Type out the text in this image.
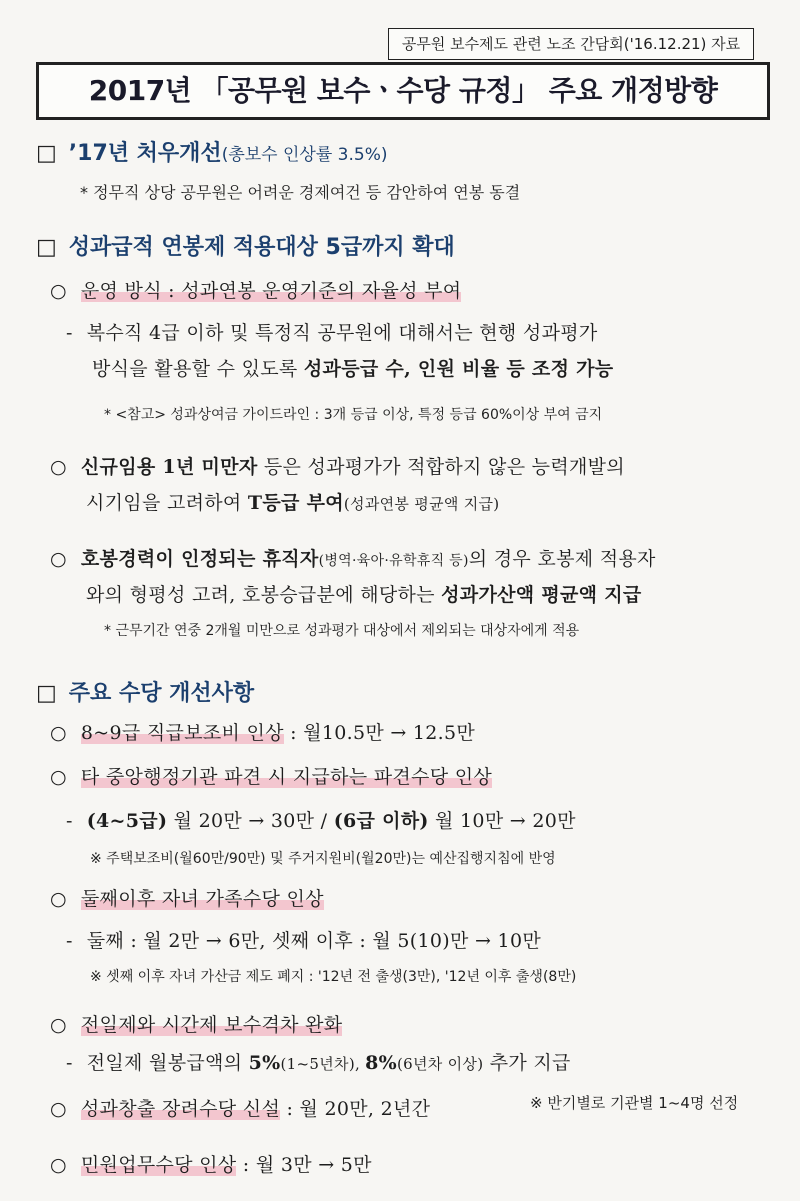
공무원 보수제도 관련 노조 간담회('16.12.21) 자료
2017년 「공무원 보수ㆍ수당 규정」 주요 개정방향
□ ’17년 처우개선(총보수 인상률 3.5%)
* 정무직 상당 공무원은 어려운 경제여건 등 감안하여 연봉 동결
□ 성과급적 연봉제 적용대상 5급까지 확대
○ 운영 방식 : 성과연봉 운영기준의 자율성 부여
- 복수직 4급 이하 및 특정직 공무원에 대해서는 현행 성과평가
방식을 활용할 수 있도록 성과등급 수, 인원 비율 등 조정 가능
* <참고> 성과상여금 가이드라인 : 3개 등급 이상, 특정 등급 60%이상 부여 금지
○ 신규임용 1년 미만자 등은 성과평가가 적합하지 않은 능력개발의
시기임을 고려하여 T등급 부여(성과연봉 평균액 지급)
○ 호봉경력이 인정되는 휴직자(병역·육아·유학휴직 등)의 경우 호봉제 적용자
와의 형평성 고려, 호봉승급분에 해당하는 성과가산액 평균액 지급
* 근무기간 연중 2개월 미만으로 성과평가 대상에서 제외되는 대상자에게 적용
□ 주요 수당 개선사항
○ 8~9급 직급보조비 인상 : 월10.5만 → 12.5만
○ 타 중앙행정기관 파견 시 지급하는 파견수당 인상
- (4~5급) 월 20만 → 30만 / (6급 이하) 월 10만 → 20만
※ 주택보조비(월60만/90만) 및 주거지원비(월20만)는 예산집행지침에 반영
○ 둘째이후 자녀 가족수당 인상
- 둘째 : 월 2만 → 6만, 셋째 이후 : 월 5(10)만 → 10만
※ 셋째 이후 자녀 가산금 제도 폐지 : '12년 전 출생(3만), '12년 이후 출생(8만)
○ 전일제와 시간제 보수격차 완화
- 전일제 월봉급액의 5%(1~5년차), 8%(6년차 이상) 추가 지급
○ 성과창출 장려수당 신설 : 월 20만, 2년간	※ 반기별로 기관별 1~4명 선정
○ 민원업무수당 인상 : 월 3만 → 5만
